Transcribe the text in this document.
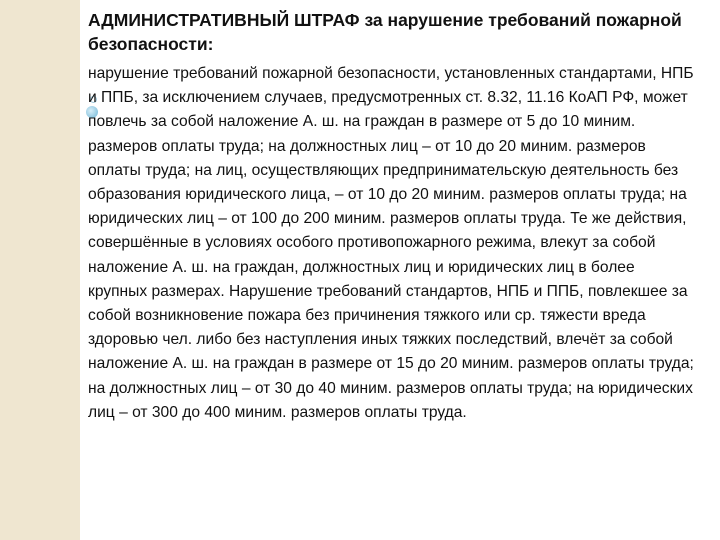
АДМИНИСТРАТИВНЫЙ ШТРАФ за нарушение требований пожарной безопасности:

нарушение требований пожарной безопасности, установленных стандартами, НПБ и ППБ, за исключением случаев, предусмотренных ст. 8.32, 11.16 КоАП РФ, может повлечь за собой наложение А. ш. на граждан в размере от 5 до 10 миним. размеров оплаты труда; на должностных лиц – от 10 до 20 миним. размеров оплаты труда; на лиц, осуществляющих предпринимательскую деятельность без образования юридического лица, – от 10 до 20 миним. размеров оплаты труда; на юридических лиц – от 100 до 200 миним. размеров оплаты труда. Те же действия, совершённые в условиях особого противопожарного режима, влекут за собой наложение А. ш. на граждан, должностных лиц и юридических лиц в более крупных размерах. Нарушение требований стандартов, НПБ и ППБ, повлекшее за собой возникновение пожара без причинения тяжкого или ср. тяжести вреда здоровью чел. либо без наступления иных тяжких последствий, влечёт за собой наложение А. ш. на граждан в размере от 15 до 20 миним. размеров оплаты труда; на должностных лиц – от 30 до 40 миним. размеров оплаты труда; на юридических лиц – от 300 до 400 миним. размеров оплаты труда.
